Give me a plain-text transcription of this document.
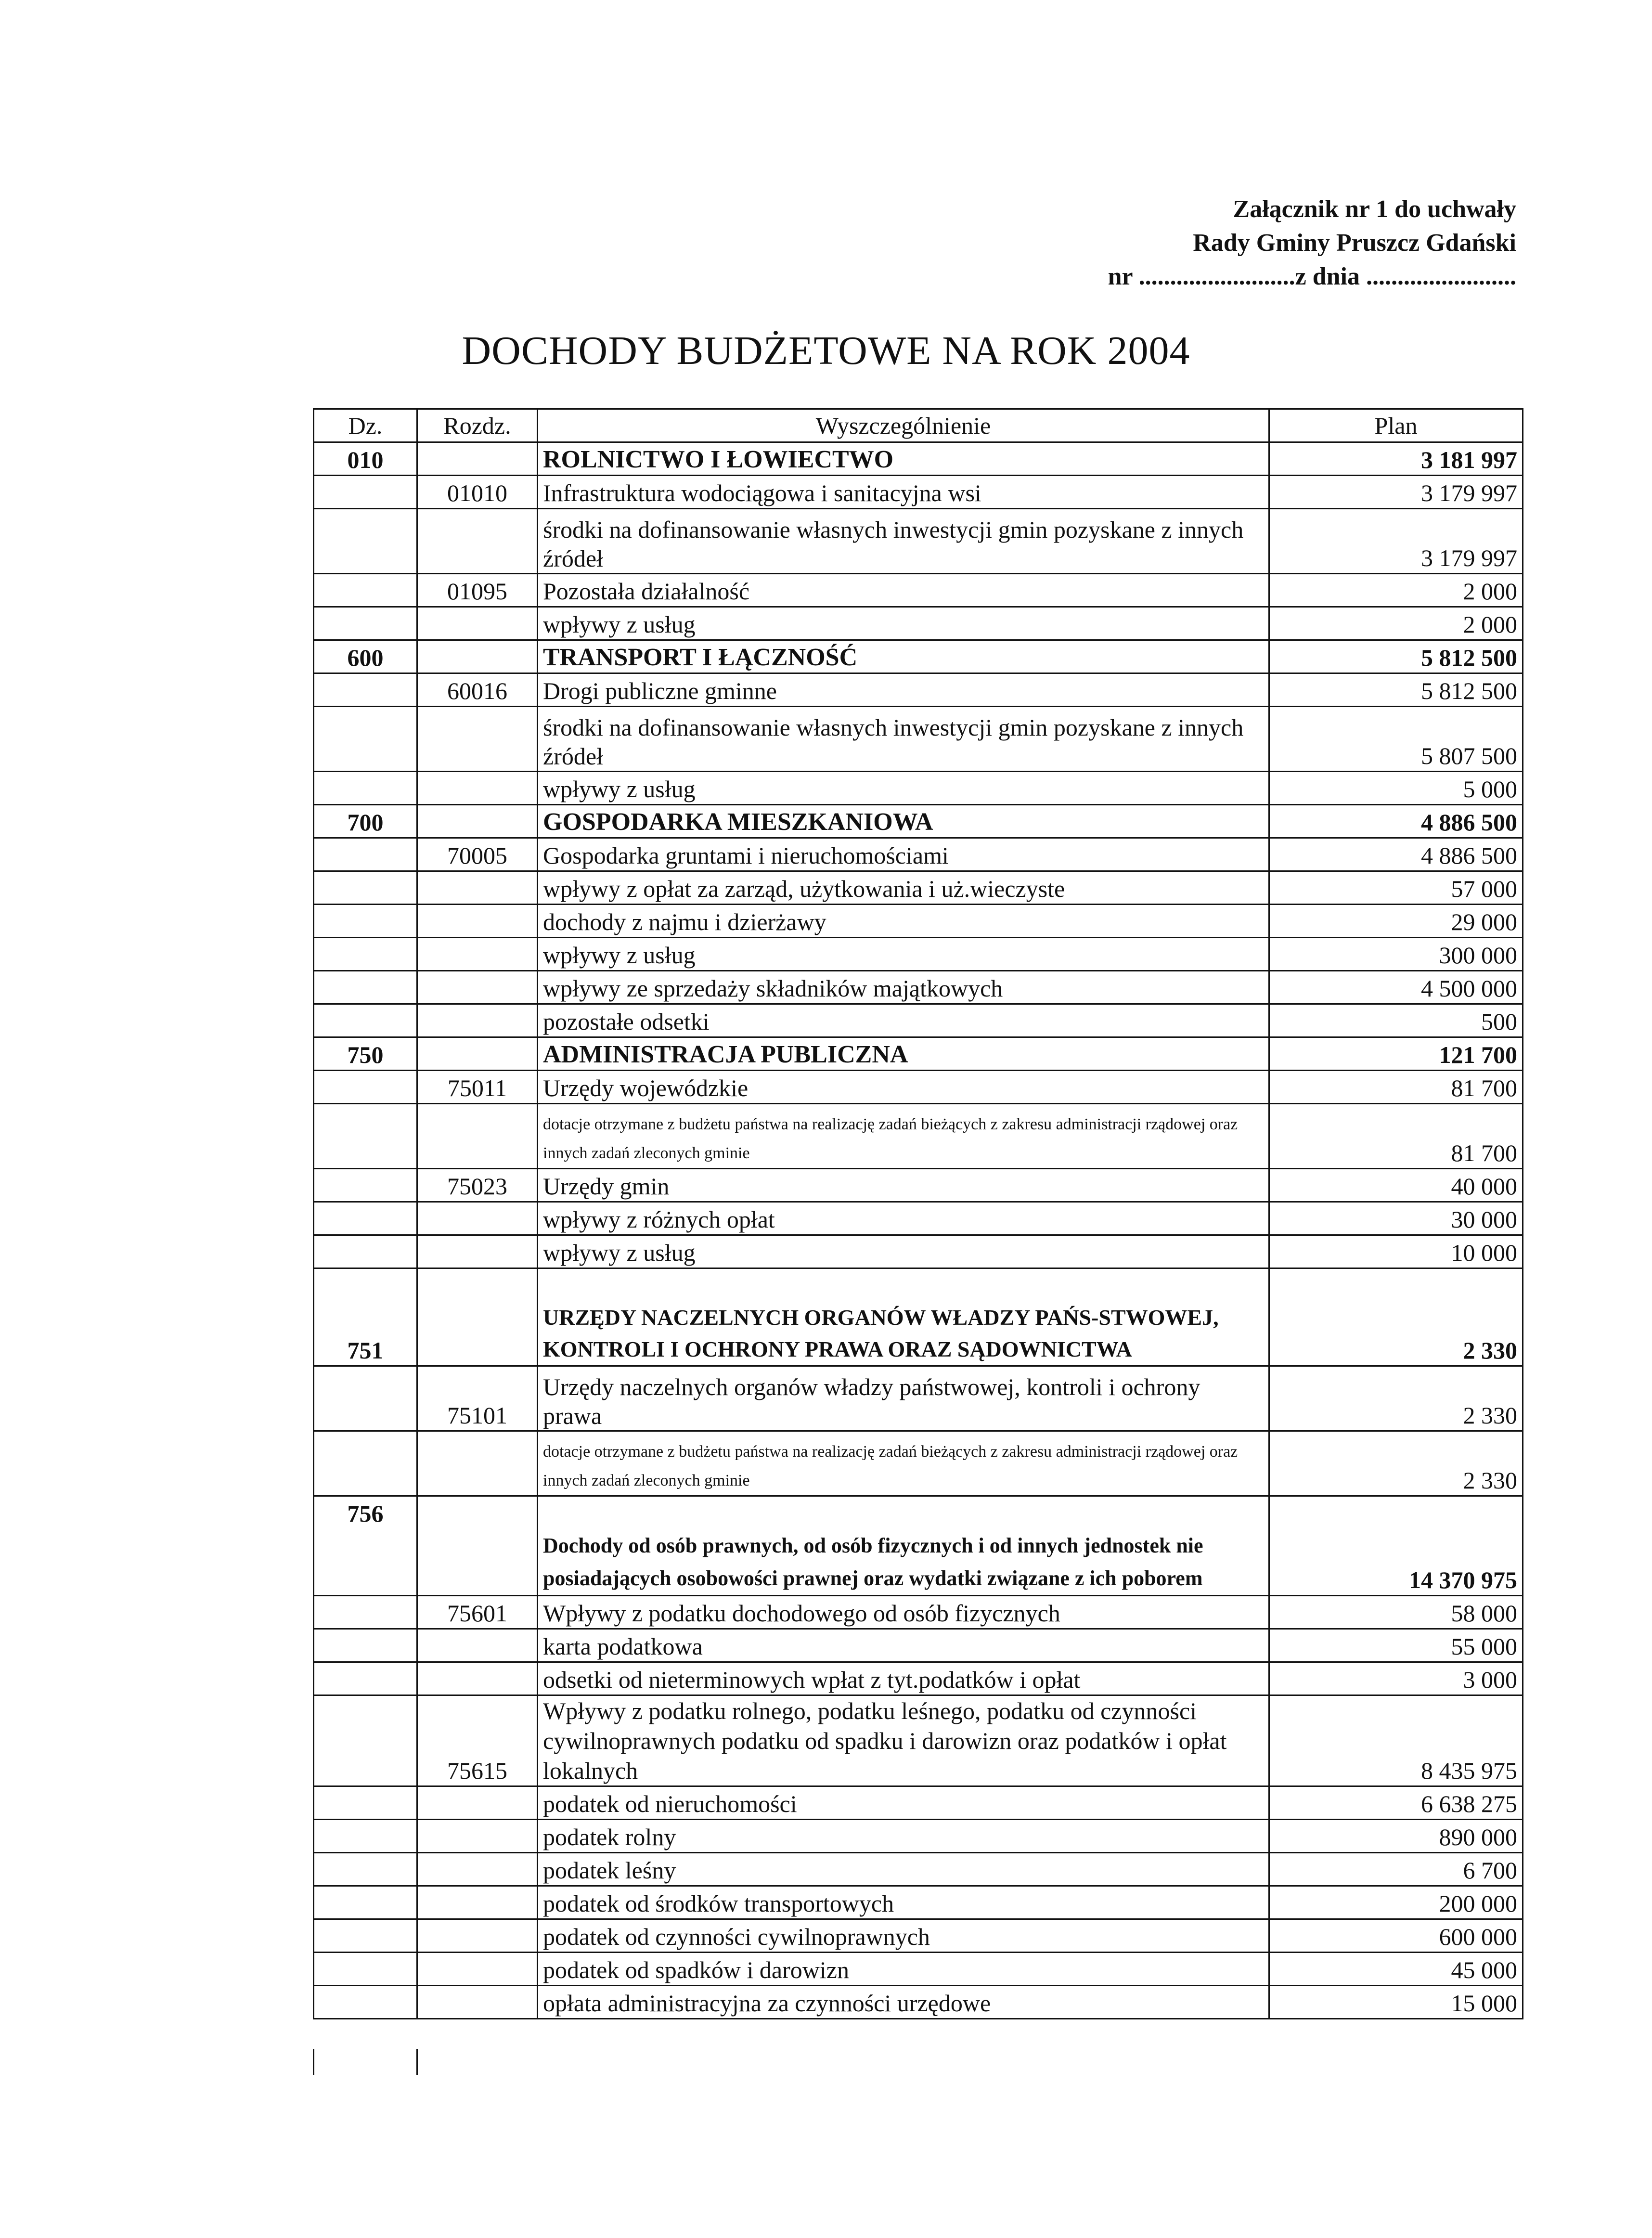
Załącznik nr 1 do uchwały
Rady Gminy Pruszcz Gdański
nr .........................z dnia ........................
DOCHODY BUDŻETOWE NA ROK 2004
Dz.	Rozdz.	Wyszczególnienie	Plan
010		ROLNICTWO I ŁOWIECTWO	3 181 997
	01010	Infrastruktura wodociągowa i sanitacyjna wsi	3 179 997
		środki na dofinansowanie własnych inwestycji gmin pozyskane z innych źródeł	3 179 997
	01095	Pozostała działalność	2 000
		wpływy z usług	2 000
600		TRANSPORT I ŁĄCZNOŚĆ	5 812 500
	60016	Drogi publiczne gminne	5 812 500
		środki na dofinansowanie własnych inwestycji gmin pozyskane z innych źródeł	5 807 500
		wpływy z usług	5 000
700		GOSPODARKA MIESZKANIOWA	4 886 500
	70005	Gospodarka gruntami i nieruchomościami	4 886 500
		wpływy z opłat za zarząd, użytkowania i uż.wieczyste	57 000
		dochody z najmu i dzierżawy	29 000
		wpływy z usług	300 000
		wpływy ze sprzedaży składników majątkowych	4 500 000
		pozostałe odsetki	500
750		ADMINISTRACJA PUBLICZNA	121 700
	75011	Urzędy wojewódzkie	81 700
		dotacje otrzymane z budżetu państwa na realizację zadań bieżących z zakresu administracji rządowej oraz innych zadań zleconych gminie	81 700
	75023	Urzędy gmin	40 000
		wpływy z różnych opłat	30 000
		wpływy z usług	10 000
751		URZĘDY NACZELNYCH ORGANÓW WŁADZY PAŃS-STWOWEJ, KONTROLI I OCHRONY PRAWA ORAZ SĄDOWNICTWA	2 330
	75101	Urzędy naczelnych organów władzy państwowej, kontroli i ochrony prawa	2 330
		dotacje otrzymane z budżetu państwa na realizację zadań bieżących z zakresu administracji rządowej oraz innych zadań zleconych gminie	2 330
756		Dochody od osób prawnych, od osób fizycznych i od innych jednostek nie posiadających osobowości prawnej oraz wydatki związane z ich poborem	14 370 975
	75601	Wpływy z podatku dochodowego od osób fizycznych	58 000
		karta podatkowa	55 000
		odsetki od nieterminowych wpłat z tyt.podatków i opłat	3 000
	75615	Wpływy z podatku rolnego, podatku leśnego, podatku od czynności cywilnoprawnych podatku od spadku i darowizn oraz podatków i opłat lokalnych	8 435 975
		podatek od nieruchomości	6 638 275
		podatek rolny	890 000
		podatek leśny	6 700
		podatek od środków transportowych	200 000
		podatek od czynności cywilnoprawnych	600 000
		podatek od spadków i darowizn	45 000
		opłata administracyjna za czynności urzędowe	15 000
